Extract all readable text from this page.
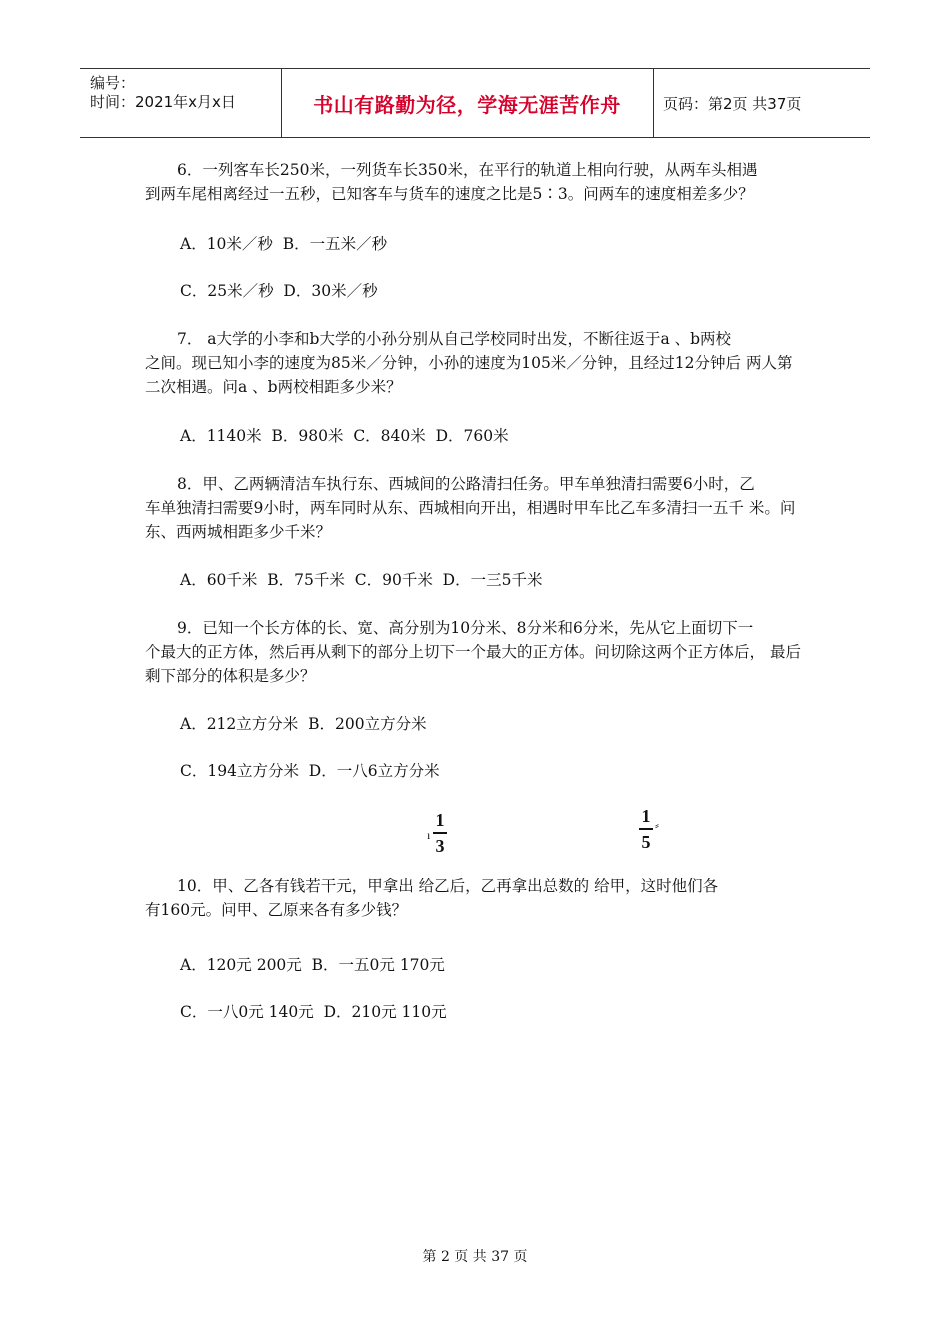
编号：
时间：2021年x月x日	书山有路勤为径，学海无涯苦作舟	页码：第2页 共37页
6．一列客车长250米，一列货车长350米，在平行的轨道上相向行驶，从两车头相遇
到两车尾相离经过一五秒，已知客车与货车的速度之比是5∶3。问两车的速度相差多少？
A．10米／秒  B．一五米／秒
C．25米／秒  D．30米／秒
7． a大学的小李和b大学的小孙分别从自己学校同时出发，不断往返于a 、b两校
之间。现已知小李的速度为85米／分钟，小孙的速度为105米／分钟，且经过12分钟后 两人第二次相遇。问a 、b两校相距多少米？
A．1140米  B．980米  C．840米  D．760米
8．甲、乙两辆清洁车执行东、西城间的公路清扫任务。甲车单独清扫需要6小时，乙
车单独清扫需要9小时，两车同时从东、西城相向开出，相遇时甲车比乙车多清扫一五千 米。问东、西两城相距多少千米？
A．60千米  B．75千米  C．90千米  D．一三5千米
9．已知一个长方体的长、宽、高分别为10分米、8分米和6分米，先从它上面切下一
个最大的正方体，然后再从剩下的部分上切下一个最大的正方体。问切除这两个正方体后， 最后剩下部分的体积是多少？
A．212立方分米  B．200立方分米
C．194立方分米  D．一八6立方分米
ı
1
3
1
5
⸗
10．甲、乙各有钱若干元，甲拿出 给乙后，乙再拿出总数的 给甲，这时他们各
有160元。问甲、乙原来各有多少钱？
A．120元 200元  B．一五0元 170元
C．一八0元 140元  D．210元 110元
第 2 页 共 37 页
